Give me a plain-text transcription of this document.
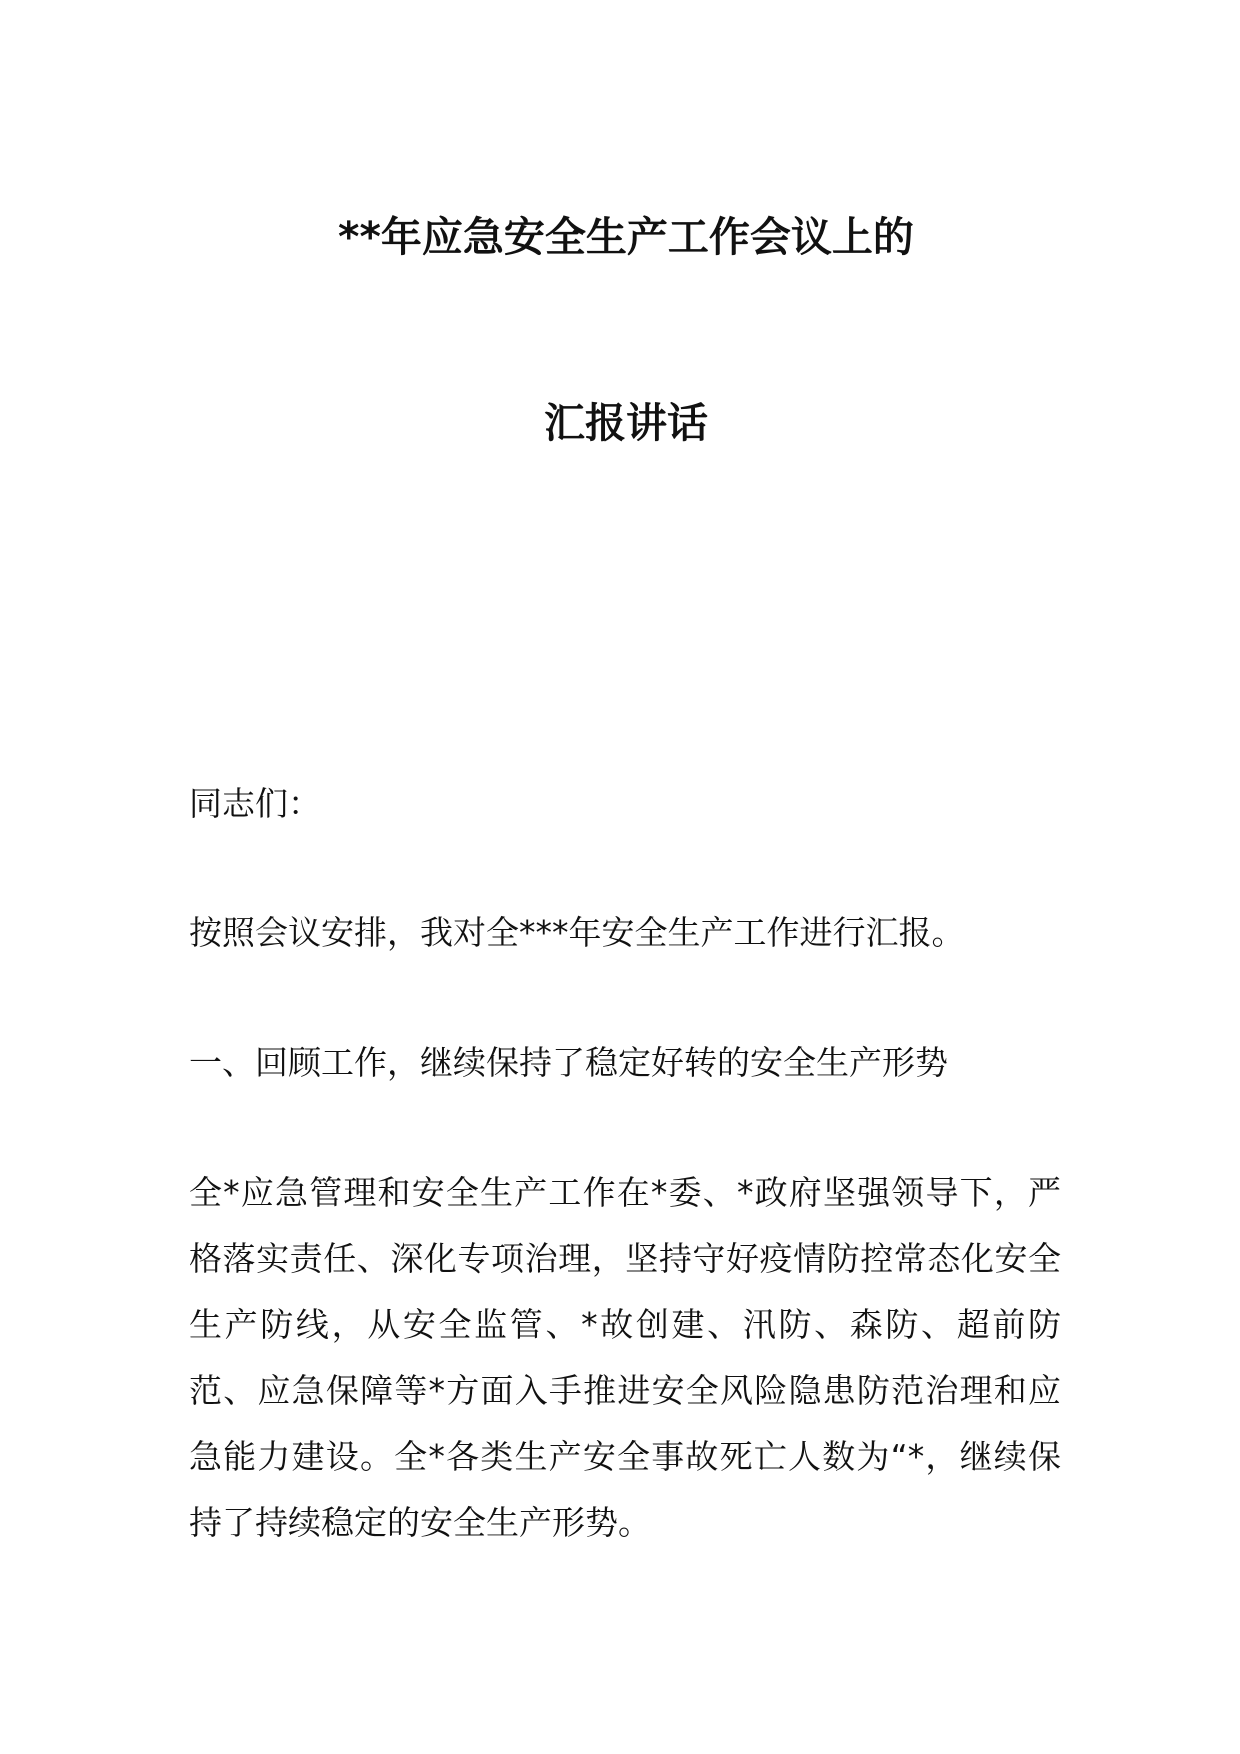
**年应急安全生产工作会议上的
汇报讲话
同志们：
按照会议安排，我对全***年安全生产工作进行汇报。
一、回顾工作，继续保持了稳定好转的安全生产形势
全*应急管理和安全生产工作在*委、*政府坚强领导下，严格落实责任、深化专项治理，坚持守好疫情防控常态化安全生产防线，从安全监管、*故创建、汛防、森防、超前防范、应急保障等*方面入手推进安全风险隐患防范治理和应急能力建设。全*各类生产安全事故死亡人数为“*，继续保持了持续稳定的安全生产形势。
